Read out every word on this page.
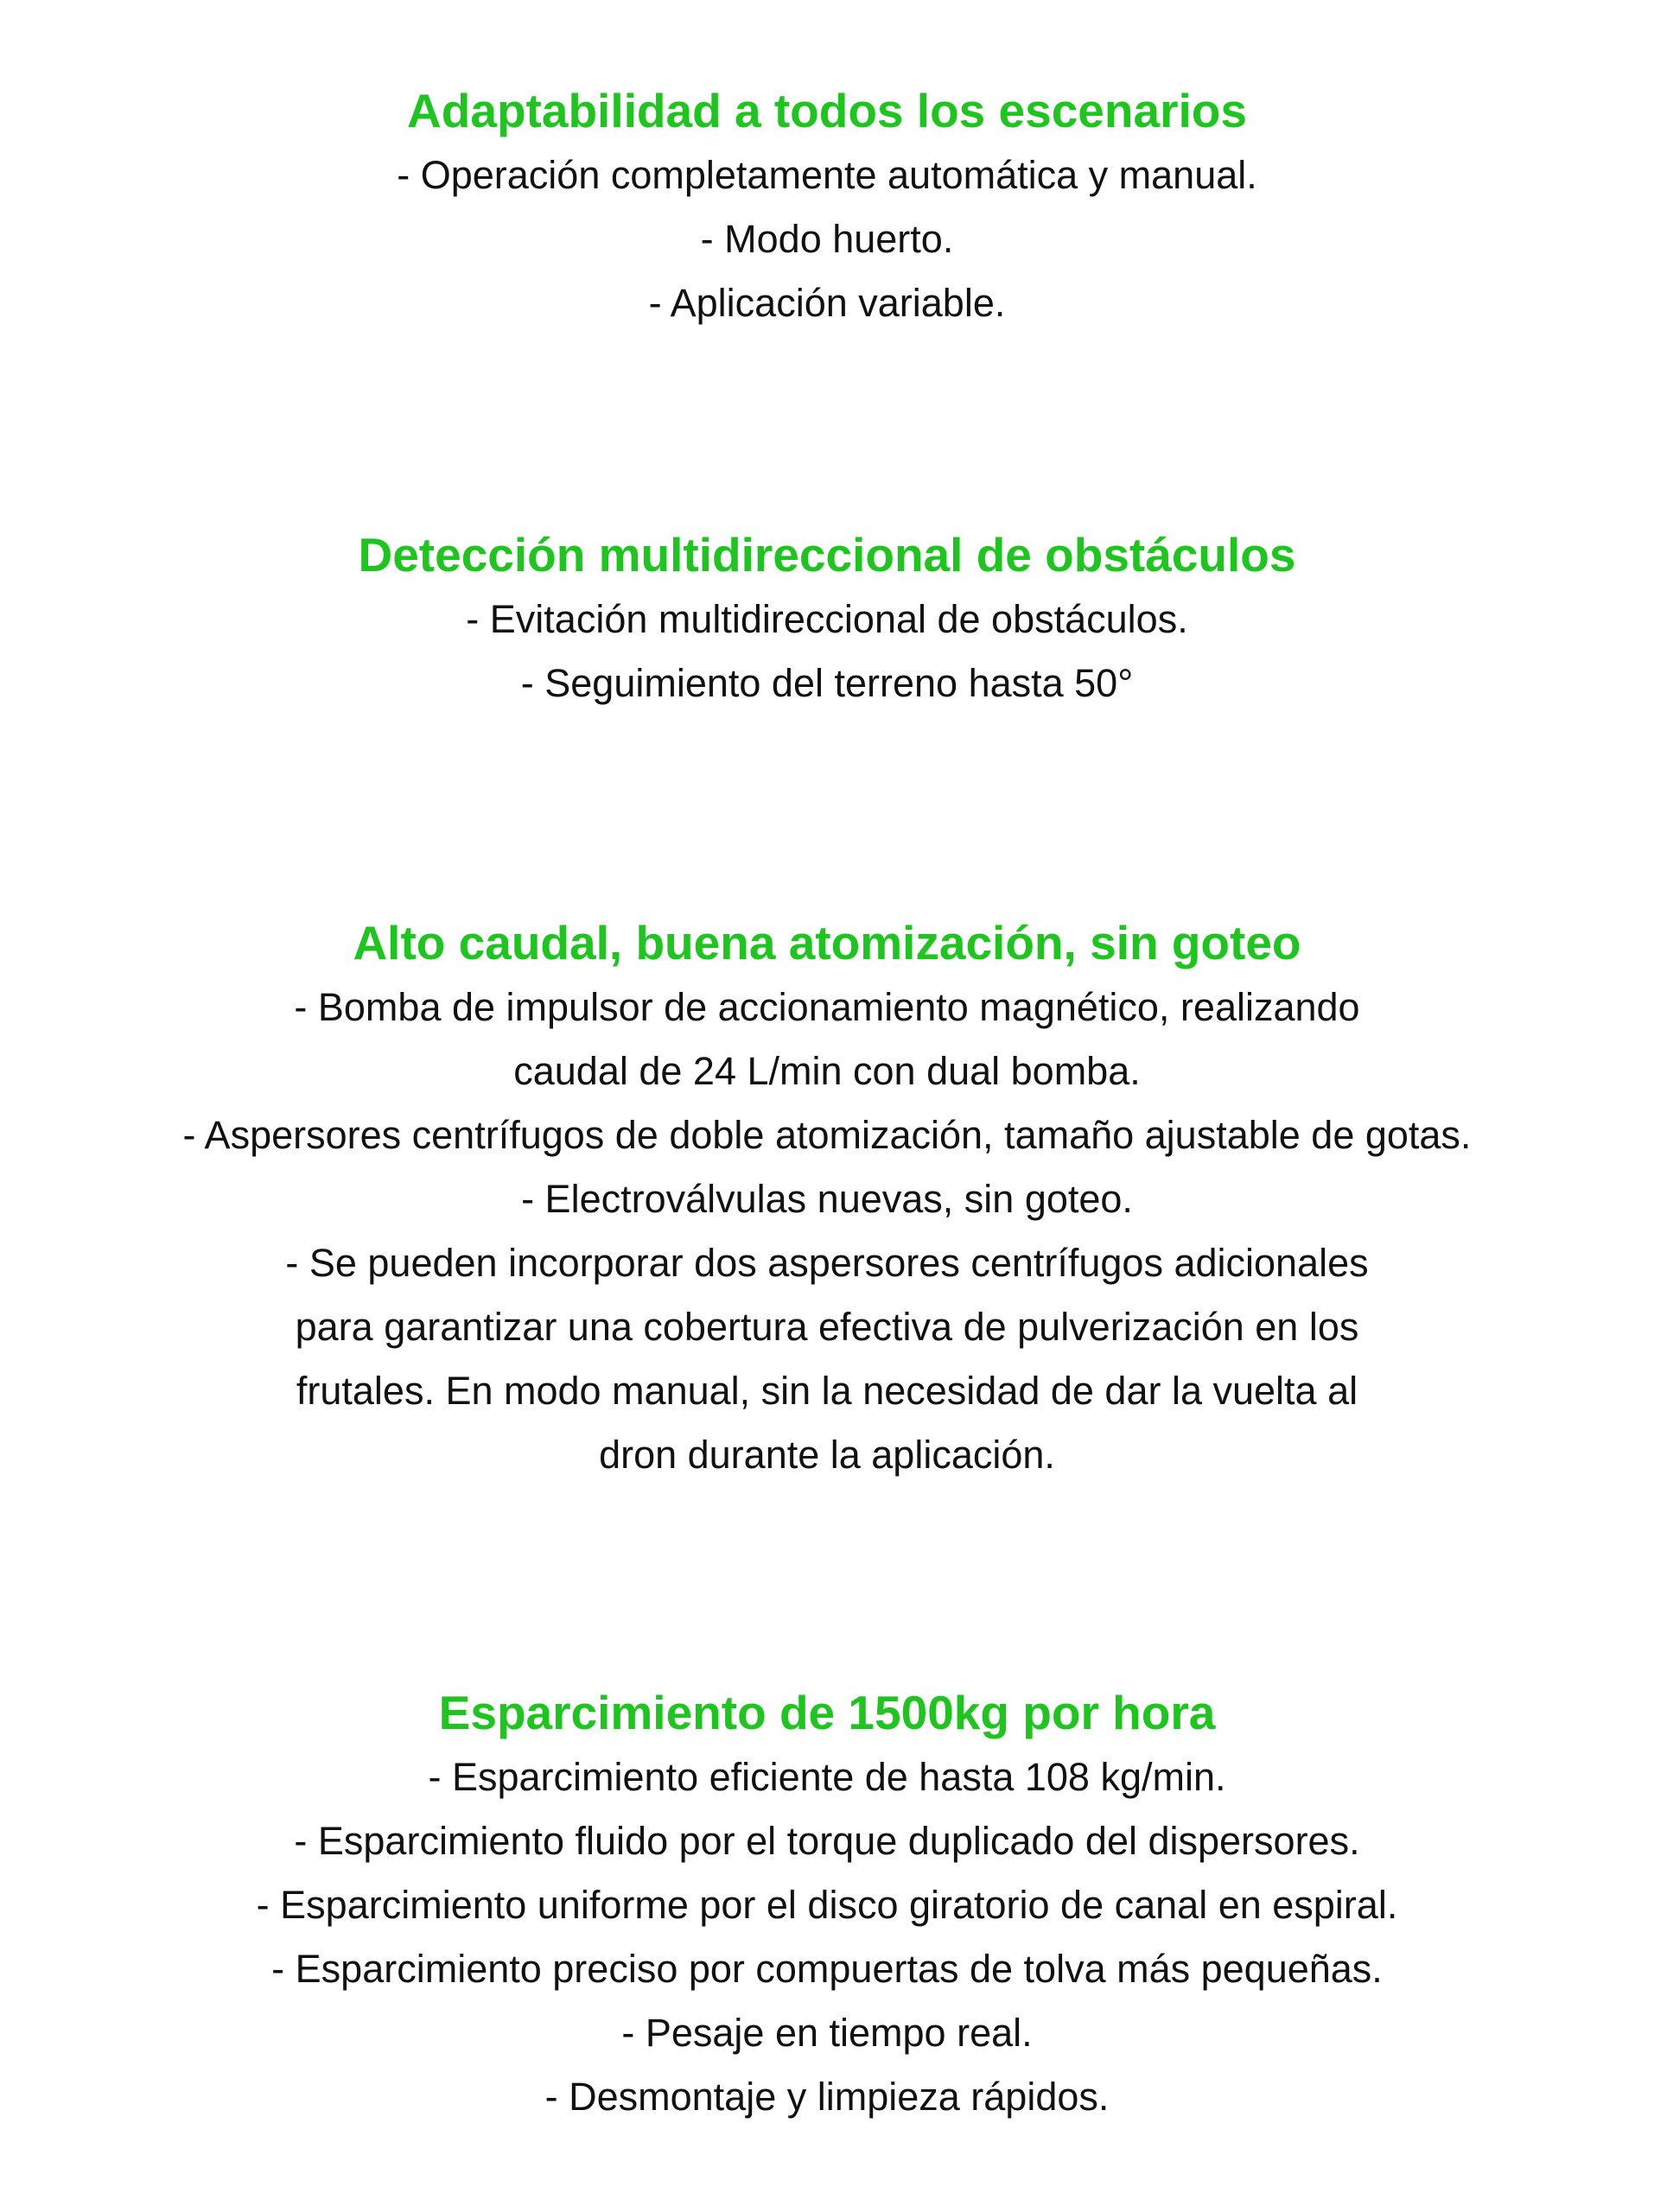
Adaptabilidad a todos los escenarios
- Operación completamente automática y manual.
- Modo huerto.
- Aplicación variable.
Detección multidireccional de obstáculos
- Evitación multidireccional de obstáculos.
- Seguimiento del terreno hasta 50°
Alto caudal, buena atomización, sin goteo
- Bomba de impulsor de accionamiento magnético, realizando
caudal de 24 L/min con dual bomba.
- Aspersores centrífugos de doble atomización, tamaño ajustable de gotas.
- Electroválvulas nuevas, sin goteo.
- Se pueden incorporar dos aspersores centrífugos adicionales
para garantizar una cobertura efectiva de pulverización en los
frutales. En modo manual, sin la necesidad de dar la vuelta al
dron durante la aplicación.
Esparcimiento de 1500kg por hora
- Esparcimiento eficiente de hasta 108 kg/min.
- Esparcimiento fluido por el torque duplicado del dispersores.
- Esparcimiento uniforme por el disco giratorio de canal en espiral.
- Esparcimiento preciso por compuertas de tolva más pequeñas.
- Pesaje en tiempo real.
- Desmontaje y limpieza rápidos.
